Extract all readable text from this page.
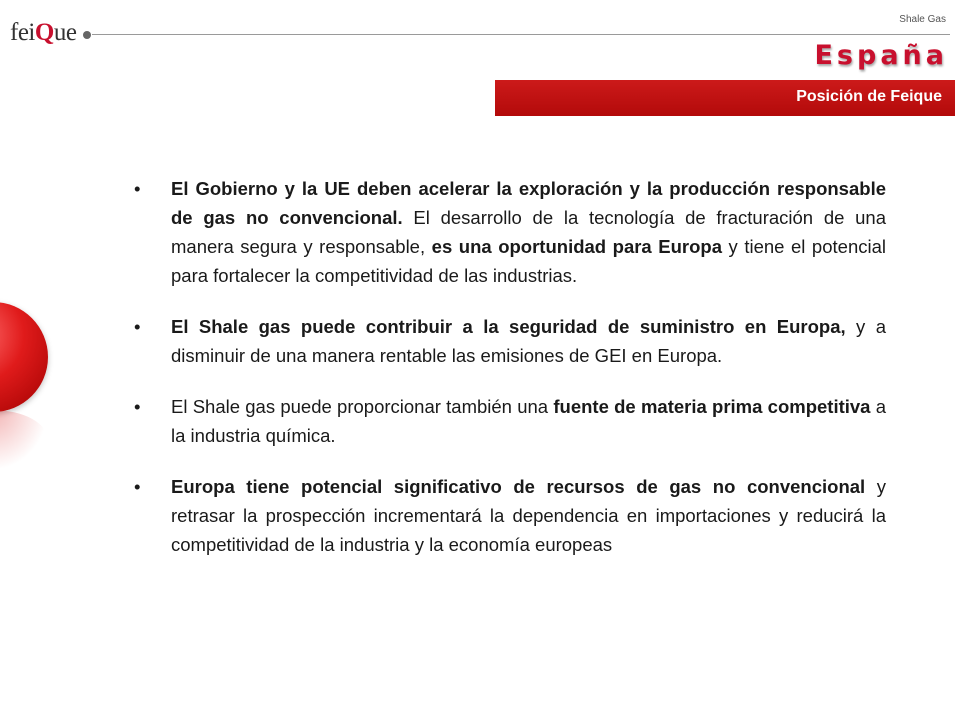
feiQue	Shale Gas
España
Posición de Feique
• El Gobierno y la UE deben acelerar la exploración y la producción responsable de gas no convencional. El desarrollo de la tecnología de fracturación de una manera segura y responsable, es una oportunidad para Europa y tiene el potencial para fortalecer la competitividad de las industrias.
• El Shale gas puede contribuir a la seguridad de suministro en Europa, y a disminuir de una manera rentable las emisiones de GEI en Europa.
• El Shale gas puede proporcionar también una fuente de materia prima competitiva a la industria química.
• Europa tiene potencial significativo de recursos de gas no convencional y retrasar la prospección incrementará la dependencia en importaciones y reducirá la competitividad de la industria y la economía europeas
